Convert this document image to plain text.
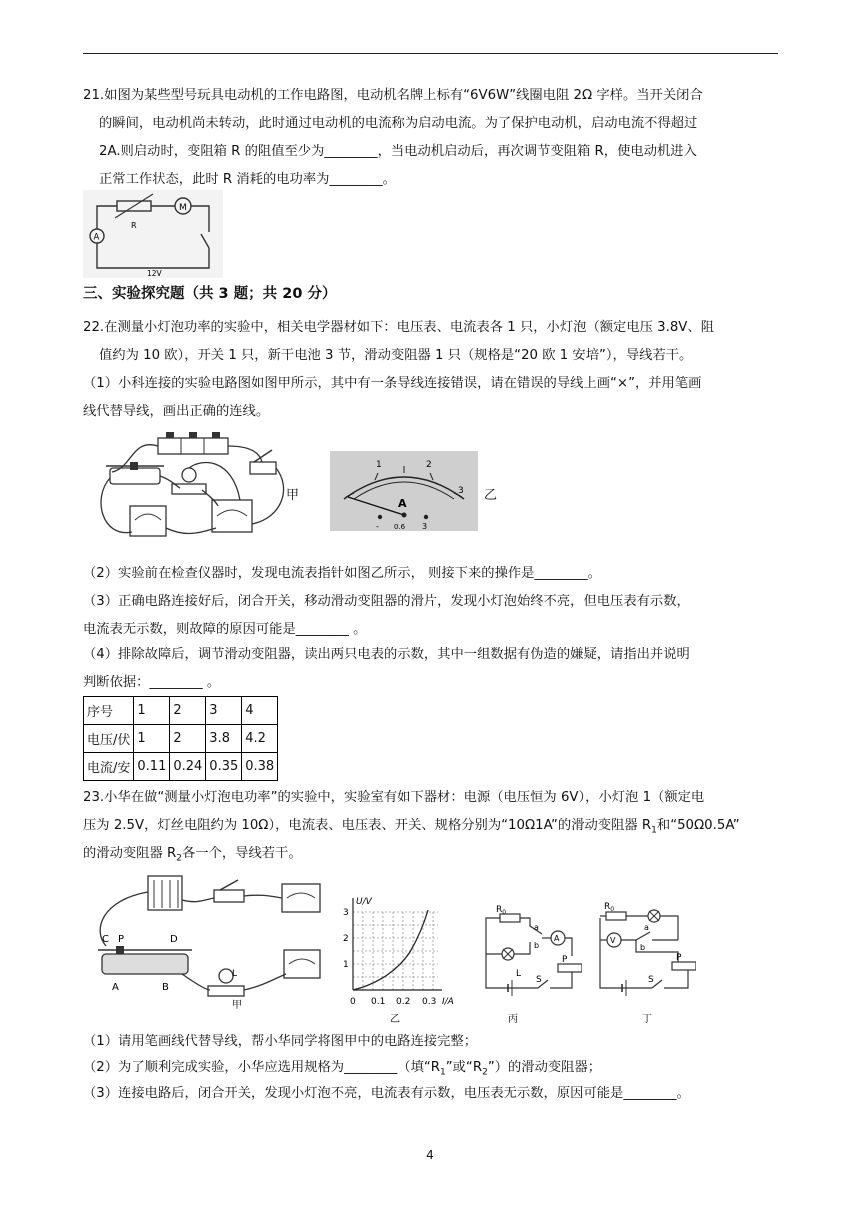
21.如图为某些型号玩具电动机的工作电路图，电动机名牌上标有“6V6W”线圈电阻 2Ω 字样。当开关闭合
的瞬间，电动机尚未转动，此时通过电动机的电流称为启动电流。为了保护电动机，启动电流不得超过
2A.则启动时，变阻箱 R 的阻值至少为________，当电动机启动后，再次调节变阻箱 R，使电动机进入
正常工作状态，此时 R 消耗的电功率为________。
R
M
A
12V
三、实验探究题（共 3 题；共 20 分）
22.在测量小灯泡功率的实验中，相关电学器材如下：电压表、电流表各 1 只，小灯泡（额定电压 3.8V、阻
值约为 10 欧），开关 1 只，新干电池 3 节，滑动变阻器 1 只（规格是“20 欧 1 安培”），导线若干。
（1）小科连接的实验电路图如图甲所示，其中有一条导线连接错误，请在错误的导线上画“×”，并用笔画
线代替导线，画出正确的连线。
甲
1	2
3
A
- 0.6 3
乙
（2）实验前在检查仪器时，发现电流表指针如图乙所示， 则接下来的操作是________。
（3）正确电路连接好后，闭合开关，移动滑动变阻器的滑片，发现小灯泡始终不亮，但电压表有示数，
电流表无示数，则故障的原因可能是________ 。
（4）排除故障后，调节滑动变阻器，读出两只电表的示数，其中一组数据有伪造的嫌疑，请指出并说明
判断依据：________ 。
序号	1	2	3	4
电压/伏	1	2	3.8	4.2
电流/安	0.11	0.24	0.35	0.38
23.小华在做“测量小灯泡电功率”的实验中，实验室有如下器材：电源（电压恒为 6V），小灯泡 1（额定电
压为 2.5V，灯丝电阻约为 10Ω），电流表、电压表、开关、规格分别为“10Ω1A”的滑动变阻器 $R_1$和“50Ω0.5A”
的滑动变阻器 $R_2$各一个，导线若干。
C P	D
A	B
L
甲
U/V
I/A
0 0.1 0.2 0.3
1
2
3
乙
$R_0$
a
b
A
L
S
P
丙
$R_0$
V
a
b
S
P
丁
（1）请用笔画线代替导线，帮小华同学将图甲中的电路连接完整；
（2）为了顺利完成实验，小华应选用规格为________（填“$R_1$”或“$R_2$”）的滑动变阻器；
（3）连接电路后，闭合开关，发现小灯泡不亮，电流表有示数，电压表无示数，原因可能是________。
4
